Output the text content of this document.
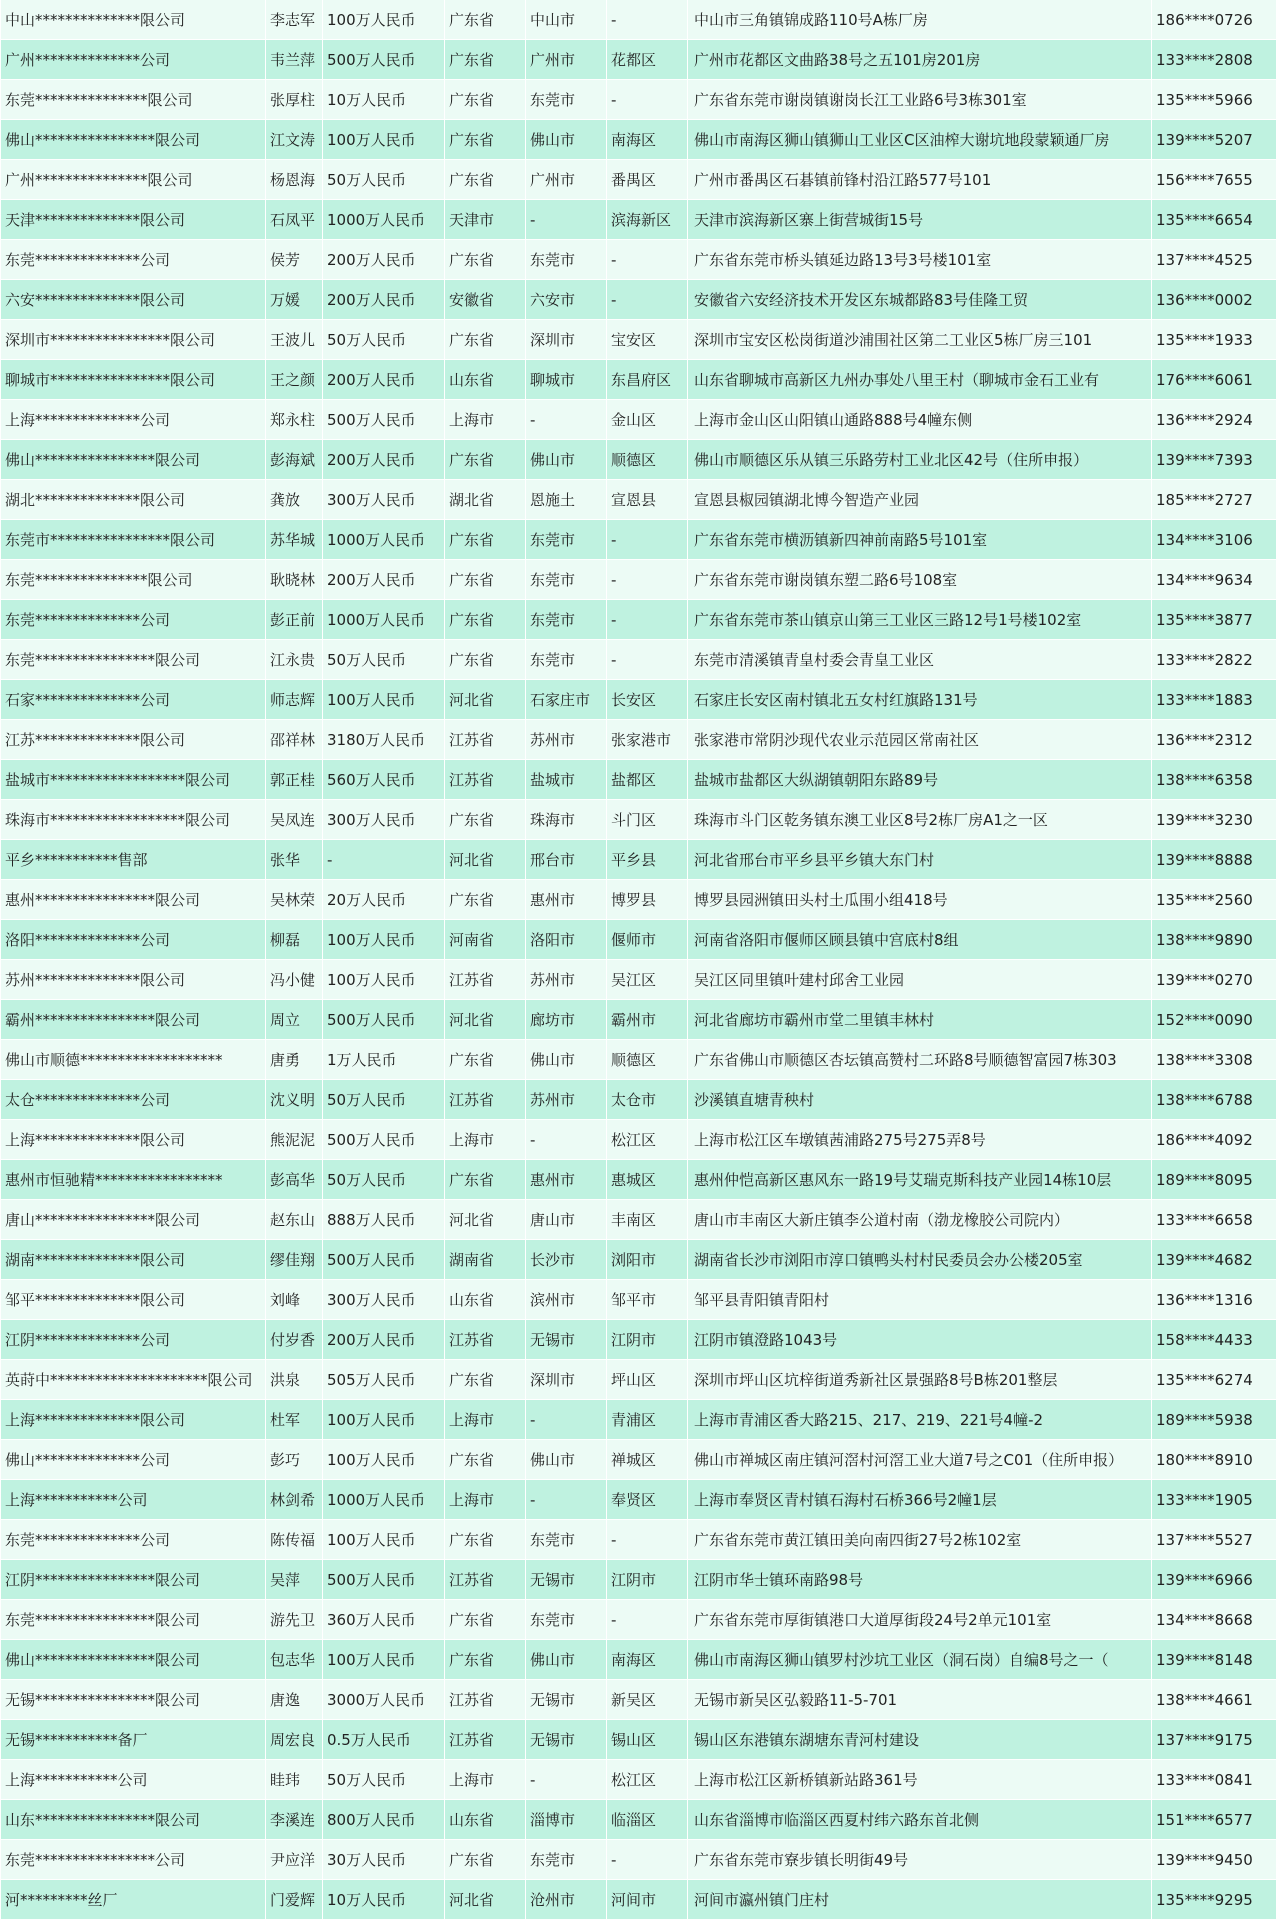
中山**************限公司	李志军	100万人民币	广东省	中山市	-	中山市三角镇锦成路110号A栋厂房	186****0726
广州**************公司	韦兰萍	500万人民币	广东省	广州市	花都区	广州市花都区文曲路38号之五101房201房	133****2808
东莞***************限公司	张厚柱	10万人民币	广东省	东莞市	-	广东省东莞市谢岗镇谢岗长江工业路6号3栋301室	135****5966
佛山****************限公司	江文涛	100万人民币	广东省	佛山市	南海区	佛山市南海区狮山镇狮山工业区C区油榨大谢坑地段蒙颖通厂房	139****5207
广州***************限公司	杨恩海	50万人民币	广东省	广州市	番禺区	广州市番禺区石碁镇前锋村沿江路577号101	156****7655
天津**************限公司	石凤平	1000万人民币	天津市	-	滨海新区	天津市滨海新区寨上街营城街15号	135****6654
东莞**************公司	侯芳	200万人民币	广东省	东莞市	-	广东省东莞市桥头镇延边路13号3号楼101室	137****4525
六安**************限公司	万媛	200万人民币	安徽省	六安市	-	安徽省六安经济技术开发区东城都路83号佳隆工贸	136****0002
深圳市****************限公司	王波儿	50万人民币	广东省	深圳市	宝安区	深圳市宝安区松岗街道沙浦围社区第二工业区5栋厂房三101	135****1933
聊城市****************限公司	王之颜	200万人民币	山东省	聊城市	东昌府区	山东省聊城市高新区九州办事处八里王村（聊城市金石工业有	176****6061
上海**************公司	郑永柱	500万人民币	上海市	-	金山区	上海市金山区山阳镇山通路888号4幢东侧	136****2924
佛山****************限公司	彭海斌	200万人民币	广东省	佛山市	顺德区	佛山市顺德区乐从镇三乐路劳村工业北区42号（住所申报）	139****7393
湖北**************限公司	龚放	300万人民币	湖北省	恩施土	宣恩县	宣恩县椒园镇湖北博今智造产业园	185****2727
东莞市****************限公司	苏华城	1000万人民币	广东省	东莞市	-	广东省东莞市横沥镇新四神前南路5号101室	134****3106
东莞***************限公司	耿晓林	200万人民币	广东省	东莞市	-	广东省东莞市谢岗镇东塑二路6号108室	134****9634
东莞**************公司	彭正前	1000万人民币	广东省	东莞市	-	广东省东莞市茶山镇京山第三工业区三路12号1号楼102室	135****3877
东莞****************限公司	江永贵	50万人民币	广东省	东莞市	-	东莞市清溪镇青皇村委会青皇工业区	133****2822
石家**************公司	师志辉	100万人民币	河北省	石家庄市	长安区	石家庄长安区南村镇北五女村红旗路131号	133****1883
江苏**************限公司	邵祥林	3180万人民币	江苏省	苏州市	张家港市	张家港市常阴沙现代农业示范园区常南社区	136****2312
盐城市******************限公司	郭正桂	560万人民币	江苏省	盐城市	盐都区	盐城市盐都区大纵湖镇朝阳东路89号	138****6358
珠海市******************限公司	吴凤连	300万人民币	广东省	珠海市	斗门区	珠海市斗门区乾务镇东澳工业区8号2栋厂房A1之一区	139****3230
平乡***********售部	张华	-	河北省	邢台市	平乡县	河北省邢台市平乡县平乡镇大东门村	139****8888
惠州****************限公司	吴林荣	20万人民币	广东省	惠州市	博罗县	博罗县园洲镇田头村土瓜围小组418号	135****2560
洛阳**************公司	柳磊	100万人民币	河南省	洛阳市	偃师市	河南省洛阳市偃师区顾县镇中宫底村8组	138****9890
苏州**************限公司	冯小健	100万人民币	江苏省	苏州市	吴江区	吴江区同里镇叶建村邱舍工业园	139****0270
霸州****************限公司	周立	500万人民币	河北省	廊坊市	霸州市	河北省廊坊市霸州市堂二里镇丰林村	152****0090
佛山市顺德*******************	唐勇	1万人民币	广东省	佛山市	顺德区	广东省佛山市顺德区杏坛镇高赞村二环路8号顺德智富园7栋303	138****3308
太仓**************公司	沈义明	50万人民币	江苏省	苏州市	太仓市	沙溪镇直塘青秧村	138****6788
上海**************限公司	熊泥泥	500万人民币	上海市	-	松江区	上海市松江区车墩镇茜浦路275号275弄8号	186****4092
惠州市恒驰精*****************	彭高华	50万人民币	广东省	惠州市	惠城区	惠州仲恺高新区惠风东一路19号艾瑞克斯科技产业园14栋10层	189****8095
唐山****************限公司	赵东山	888万人民币	河北省	唐山市	丰南区	唐山市丰南区大新庄镇李公道村南（渤龙橡胶公司院内）	133****6658
湖南**************限公司	缪佳翔	500万人民币	湖南省	长沙市	浏阳市	湖南省长沙市浏阳市淳口镇鸭头村村民委员会办公楼205室	139****4682
邹平**************限公司	刘峰	300万人民币	山东省	滨州市	邹平市	邹平县青阳镇青阳村	136****1316
江阴**************公司	付岁香	200万人民币	江苏省	无锡市	江阴市	江阴市镇澄路1043号	158****4433
英莳中*********************限公司	洪泉	505万人民币	广东省	深圳市	坪山区	深圳市坪山区坑梓街道秀新社区景强路8号B栋201整层	135****6274
上海**************限公司	杜军	100万人民币	上海市	-	青浦区	上海市青浦区香大路215、217、219、221号4幢-2	189****5938
佛山**************公司	彭巧	100万人民币	广东省	佛山市	禅城区	佛山市禅城区南庄镇河滘村河滘工业大道7号之C01（住所申报）	180****8910
上海***********公司	林剑希	1000万人民币	上海市	-	奉贤区	上海市奉贤区青村镇石海村石桥366号2幢1层	133****1905
东莞**************公司	陈传福	100万人民币	广东省	东莞市	-	广东省东莞市黄江镇田美向南四街27号2栋102室	137****5527
江阴****************限公司	吴萍	500万人民币	江苏省	无锡市	江阴市	江阴市华士镇环南路98号	139****6966
东莞****************限公司	游先卫	360万人民币	广东省	东莞市	-	广东省东莞市厚街镇港口大道厚街段24号2单元101室	134****8668
佛山****************限公司	包志华	100万人民币	广东省	佛山市	南海区	佛山市南海区狮山镇罗村沙坑工业区（洞石岗）自编8号之一（	139****8148
无锡****************限公司	唐逸	3000万人民币	江苏省	无锡市	新吴区	无锡市新吴区弘毅路11-5-701	138****4661
无锡***********备厂	周宏良	0.5万人民币	江苏省	无锡市	锡山区	锡山区东港镇东湖塘东青河村建设	137****9175
上海***********公司	眭玮	50万人民币	上海市	-	松江区	上海市松江区新桥镇新站路361号	133****0841
山东****************限公司	李溪连	800万人民币	山东省	淄博市	临淄区	山东省淄博市临淄区西夏村纬六路东首北侧	151****6577
东莞****************公司	尹应洋	30万人民币	广东省	东莞市	-	广东省东莞市寮步镇长明街49号	139****9450
河*********丝厂	门爱辉	10万人民币	河北省	沧州市	河间市	河间市瀛州镇门庄村	135****9295
